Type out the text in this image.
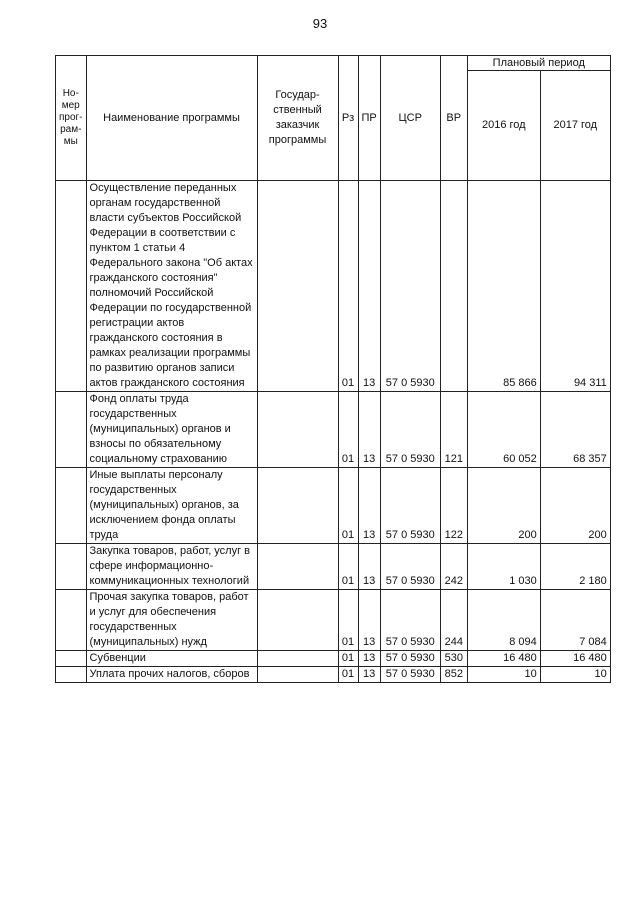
93
Но-мер прог-рам-мы	Наименование программы	Государ-ственный заказчик программы	Рз	ПР	ЦСР	ВР	Плановый период	
							2016 год	2017 год
	Осуществление переданных органам государственной власти субъектов Российской Федерации в соответствии с пунктом 1 статьи 4 Федерального закона "Об актах гражданского состояния" полномочий Российской Федерации по государственной регистрации актов гражданского состояния в рамках реализации программы по развитию органов записи актов гражданского состояния		01	13	57 0 5930		85 866	94 311
	Фонд оплаты труда государственных (муниципальных) органов и взносы по обязательному социальному страхованию		01	13	57 0 5930	121	60 052	68 357
	Иные выплаты персоналу государственных (муниципальных) органов, за исключением фонда оплаты труда		01	13	57 0 5930	122	200	200
	Закупка товаров, работ, услуг в сфере информационно-коммуникационных технологий		01	13	57 0 5930	242	1 030	2 180
	Прочая закупка товаров, работ и услуг для обеспечения государственных (муниципальных) нужд		01	13	57 0 5930	244	8 094	7 084
	Субвенции		01	13	57 0 5930	530	16 480	16 480
	Уплата прочих налогов, сборов		01	13	57 0 5930	852	10	10
